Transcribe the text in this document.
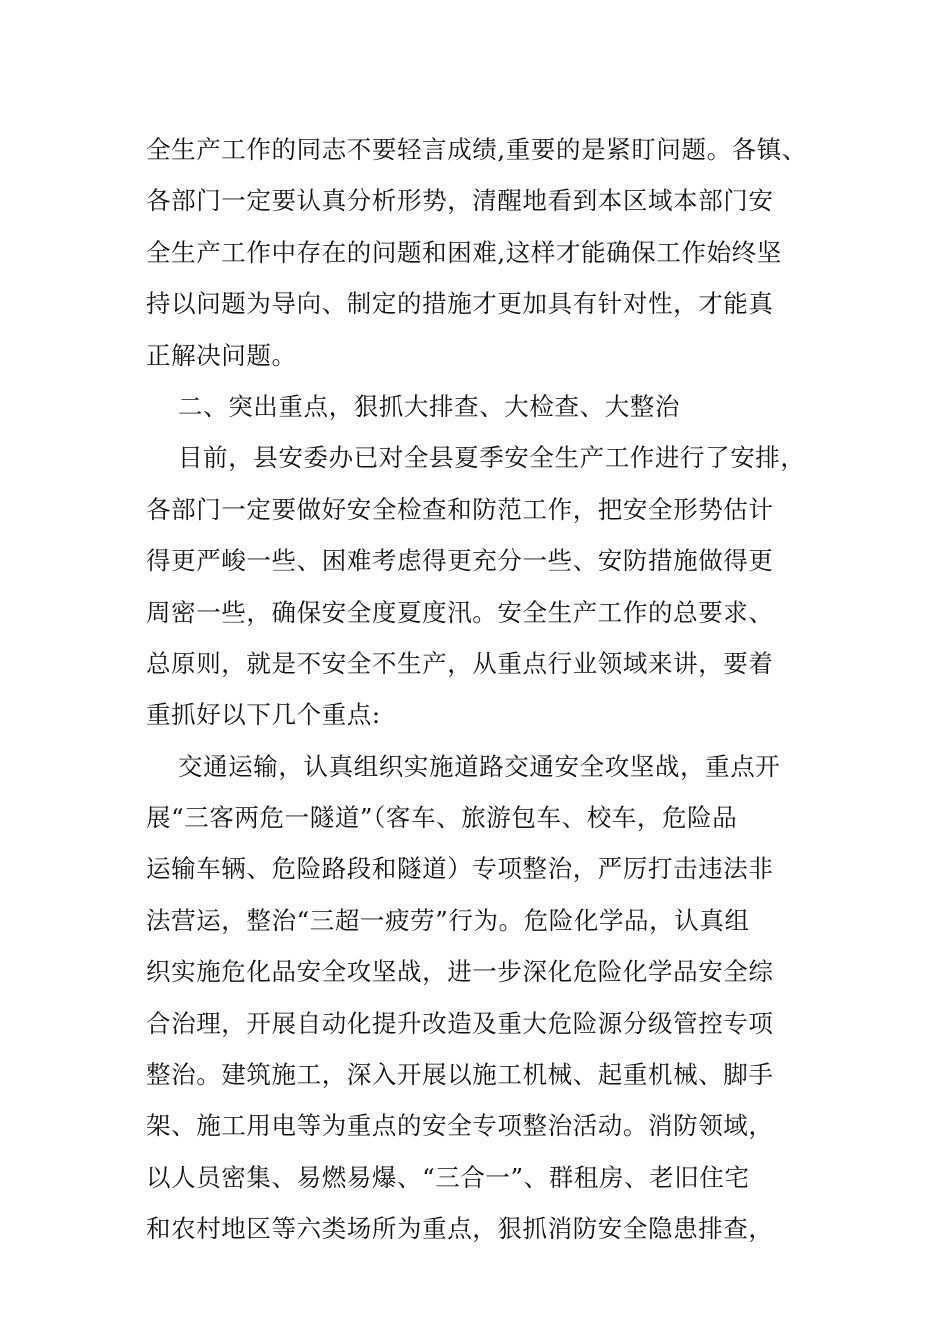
全生产工作的同志不要轻言成绩,重要的是紧盯问题。各镇、
各部门一定要认真分析形势，清醒地看到本区域本部门安
全生产工作中存在的问题和困难,这样才能确保工作始终坚
持以问题为导向、制定的措施才更加具有针对性，才能真
正解决问题。
二、突出重点，狠抓大排查、大检查、大整治
目前，县安委办已对全县夏季安全生产工作进行了安排，
各部门一定要做好安全检查和防范工作，把安全形势估计
得更严峻一些、困难考虑得更充分一些、安防措施做得更
周密一些，确保安全度夏度汛。安全生产工作的总要求、
总原则，就是不安全不生产，从重点行业领域来讲，要着
重抓好以下几个重点:
交通运输，认真组织实施道路交通安全攻坚战，重点开
展“三客两危一隧道”（客车、旅游包车、校车，危险品
运输车辆、危险路段和隧道）专项整治，严厉打击违法非
法营运，整治“三超一疲劳”行为。危险化学品，认真组
织实施危化品安全攻坚战，进一步深化危险化学品安全综
合治理，开展自动化提升改造及重大危险源分级管控专项
整治。建筑施工，深入开展以施工机械、起重机械、脚手
架、施工用电等为重点的安全专项整治活动。消防领域，
以人员密集、易燃易爆、“三合一”、群租房、老旧住宅
和农村地区等六类场所为重点，狠抓消防安全隐患排查，
